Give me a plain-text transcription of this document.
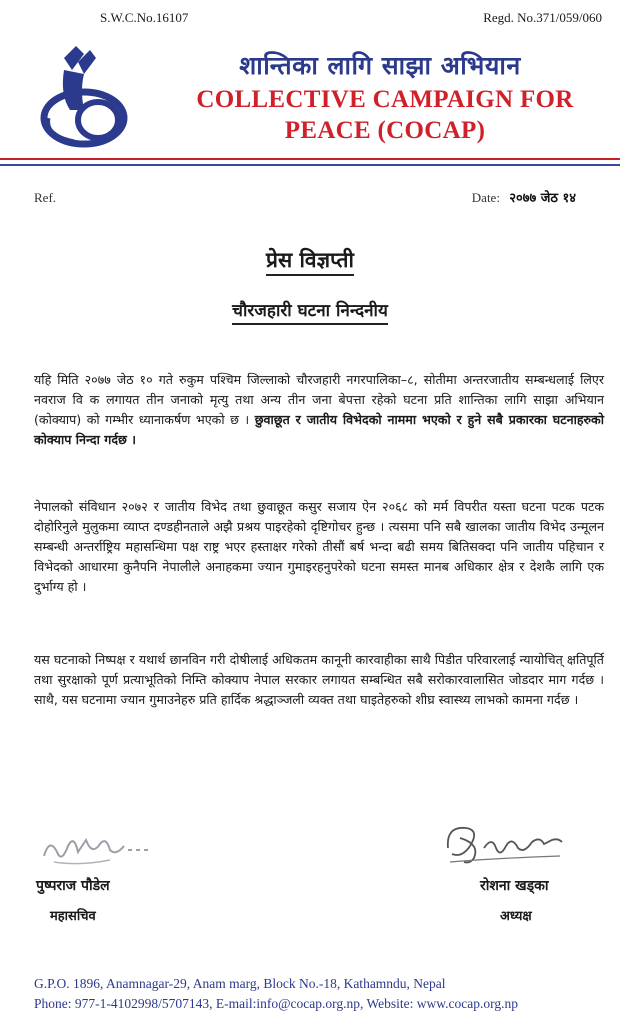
S.W.C.No.16107	Regd. No.371/059/060
शान्तिका लागि साझा अभियान
COLLECTIVE CAMPAIGN FOR
PEACE (COCAP)
Ref.	Date: २०७७ जेठ १४
प्रेस विज्ञप्ती
चौरजहारी घटना निन्दनीय
यहि मिति २०७७ जेठ १० गते रुकुम पश्चिम जिल्लाको चौरजहारी नगरपालिका–८, सोतीमा अन्तरजातीय सम्बन्धलाई लिएर नवराज वि क लगायत तीन जनाको मृत्यु तथा अन्य तीन जना बेपत्ता रहेको घटना प्रति शान्तिका लागि साझा अभियान (कोक्याप) को गम्भीर ध्यानाकर्षण भएको छ । छुवाछूत र जातीय विभेदको नाममा भएको र हुने सबै प्रकारका घटनाहरुको कोक्याप निन्दा गर्दछ ।
नेपालको संविधान २०७२ र जातीय विभेद तथा छुवाछूत कसुर सजाय ऐन २०६८ को मर्म विपरीत यस्ता घटना पटक पटक दोहोरिनुले मुलुकमा व्याप्त दण्डहीनताले अझै प्रश्रय पाइरहेको दृष्टिगोचर हुन्छ । त्यसमा पनि सबै खालका जातीय विभेद उन्मूलन सम्बन्धी अन्तर्राष्ट्रिय महासन्धिमा पक्ष राष्ट्र भएर हस्ताक्षर गरेको तीसौं बर्ष भन्दा बढी समय बितिसक्दा पनि जातीय पहिचान र विभेदको आधारमा कुनैपनि नेपालीले अनाहकमा ज्यान गुमाइरहनुपरेको घटना समस्त मानब अधिकार क्षेत्र र देशकै लागि एक दुर्भाग्य हो ।
यस घटनाको निष्पक्ष र यथार्थ छानविन गरी दोषीलाई अधिकतम कानूनी कारवाहीका साथै पिडीत परिवारलाई न्यायोचित् क्षतिपूर्ति तथा सुरक्षाको पूर्ण प्रत्याभूतिको निम्ति कोक्याप नेपाल सरकार लगायत सम्बन्धित सबै सरोकारवालासित जोडदार माग गर्दछ । साथै, यस घटनामा ज्यान गुमाउनेहरु प्रति हार्दिक श्रद्धाञ्जली व्यक्त तथा घाइतेहरुको शीघ्र स्वास्थ्य लाभको कामना गर्दछ ।
पुष्पराज पौडेल
महासचिव
रोशना खड्का
अध्यक्ष
G.P.O. 1896, Anamnagar-29, Anam marg, Block No.-18, Kathamndu, Nepal
Phone: 977-1-4102998/5707143, E-mail:info@cocap.org.np, Website: www.cocap.org.np
